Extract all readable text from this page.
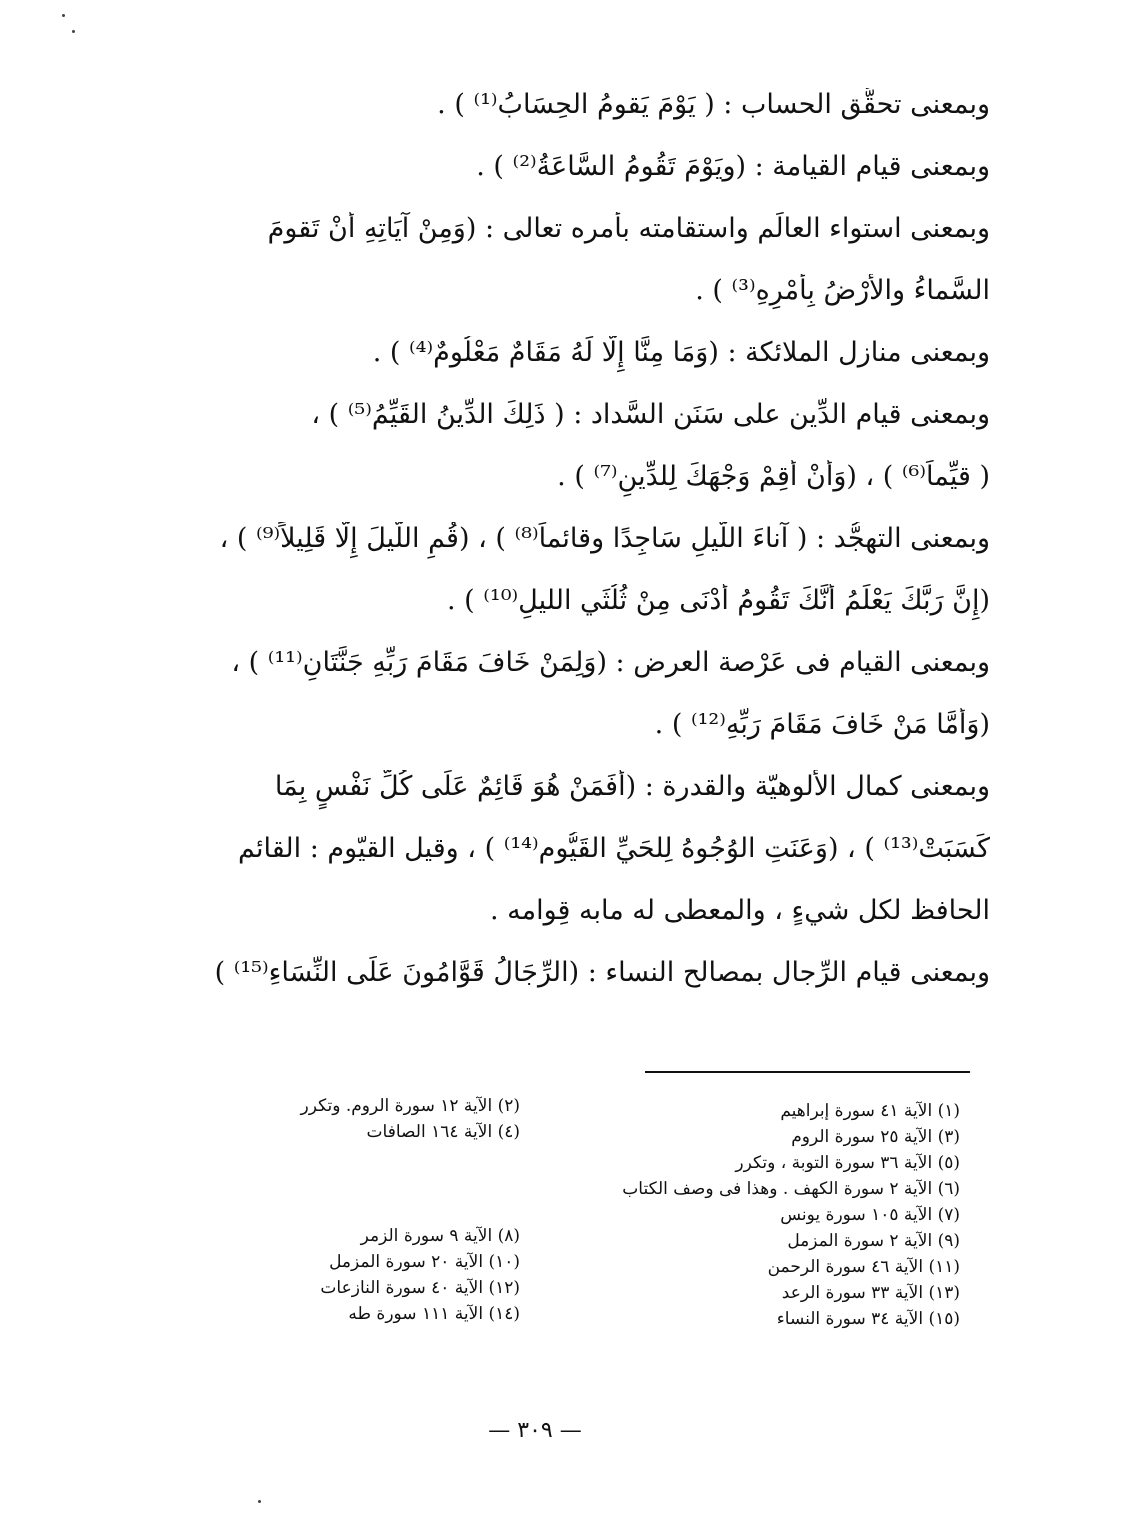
وبمعنى تحقُّق الحساب : ( يَوْمَ يَقومُ الحِسَابُ⁽¹⁾ ) .
وبمعنى قيام القيامة : (ويَوْمَ تَقُومُ السَّاعَةُ⁽²⁾ ) .
وبمعنى استواء العالَم واستقامته بأمره تعالى : (وَمِنْ آيَاتِهِ أَنْ تَقومَ
السَّماءُ والأَرْضُ بِأَمْرِهِ⁽³⁾ ) .
وبمعنى منازل الملائكة : (وَمَا مِنَّا إِلَّا لَهُ مَقَامٌ مَعْلُومٌ⁽⁴⁾ ) .
وبمعنى قيام الدِّين على سَنَن السَّداد : ( ذَلِكَ الدِّينُ القَيِّمُ⁽⁵⁾ ) ،
( قيِّماً⁽⁶⁾ ) ، (وَأَنْ أَقِمْ وَجْهَكَ لِلدِّينِ⁽⁷⁾ ) .
وبمعنى التهجُّد : ( آناءَ اللَّيلِ سَاجِدًا وقائماً⁽⁸⁾ ) ، (قُمِ اللَّيلَ إِلَّا قَلِيلاً⁽⁹⁾ ) ،
(إِنَّ رَبَّكَ يَعْلَمُ أَنَّكَ تَقُومُ أَدْنَى مِنْ ثُلُثَي الليلِ⁽¹⁰⁾ ) .
وبمعنى القيام فى عَرْصة العرض : (وَلِمَنْ خَافَ مَقَامَ رَبِّهِ جَنَّتَانِ⁽¹¹⁾ ) ،
(وَأَمَّا مَنْ خَافَ مَقَامَ رَبِّهِ⁽¹²⁾ ) .
وبمعنى كمال الألوهيّة والقدرة : (أَفَمَنْ هُوَ قَائِمٌ عَلَى كُلِّ نَفْسٍ بِمَا
كَسَبَتْ⁽¹³⁾ ) ، (وَعَنَتِ الوُجُوهُ لِلحَيِّ القَيُّوم⁽¹⁴⁾ ) ، وقيل القيّوم : القائم
الحافظ لكل شيءٍ ، والمعطى له مابه قِوامه .
وبمعنى قيام الرِّجال بمصالح النساء : (الرِّجَالُ قَوَّامُونَ عَلَى النِّسَاءِ⁽¹⁵⁾ )
(١) الآية ٤١ سورة إبراهيم
(٣) الآية ٢٥ سورة الروم
(٥) الآية ٣٦ سورة التوبة ، وتكرر
(٦) الآية ٢ سورة الكهف . وهذا فى وصف الكتاب
(٧) الآية ١٠٥ سورة يونس
(٩) الآية ٢ سورة المزمل
(١١) الآية ٤٦ سورة الرحمن
(١٣) الآية ٣٣ سورة الرعد
(١٥) الآية ٣٤ سورة النساء
(٢) الآية ١٢ سورة الروم. وتكرر
(٤) الآية ١٦٤ الصافات
(٨) الآية ٩ سورة الزمر
(١٠) الآية ٢٠ سورة المزمل
(١٢) الآية ٤٠ سورة النازعات
(١٤) الآية ١١١ سورة طه
— ٣٠٩ —
